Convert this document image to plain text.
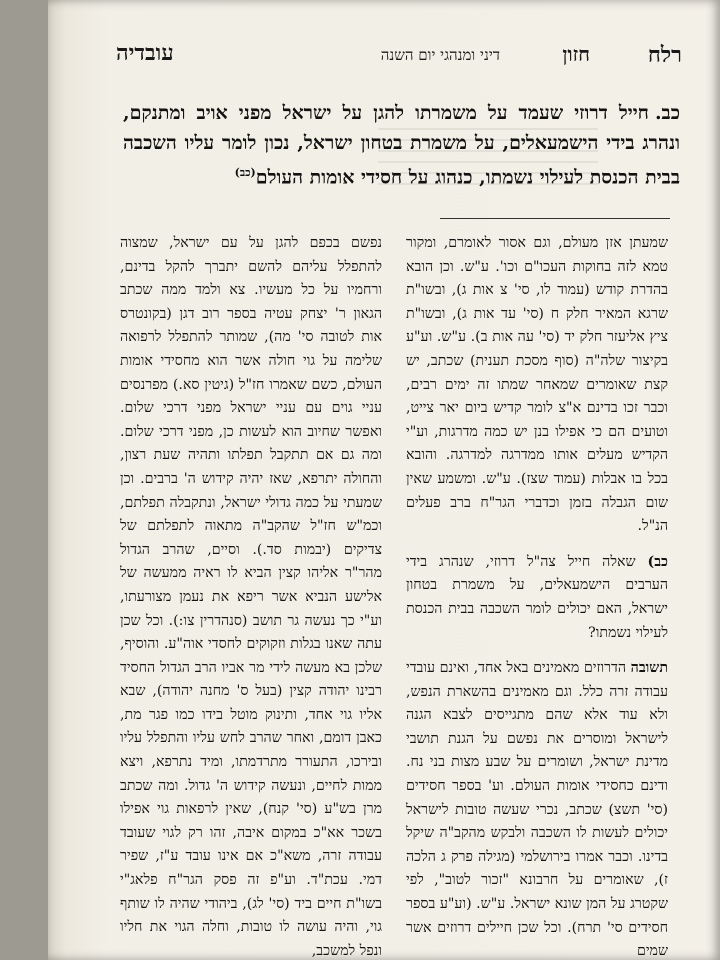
רלח
חזון
דיני ומנהגי יום השנה
עובדיה
כב.חייל דרוזי שעמד על משמרתו להגן על ישראל מפני אויב ומתנקם, ונהרג בידי הישמעאלים, על משמרת בטחון ישראל, נכון לומר עליו השכבה בבית הכנסת לעילוי נשמתו, כנהוג על חסידי אומות העולם$^{(כב)}$

שמעתן אזן מעולם, וגם אסור לאומרם, ומקור טמא לזה בחוקות העכו"ם וכו'. ע"ש. וכן הובא בהדרת קודש (עמוד לו, סי' צ אות ג), ובשו"ת שרגא המאיר חלק ח (סי' עד אות ג), ובשו"ת ציץ אליעזר חלק יד (סי' עה אות ב). ע"ש. וע"ע בקיצור שלה"ה (סוף מסכת תענית) שכתב, יש קצת שאומרים שמאחר שמתו זה ימים רבים, וכבר זכו בדינם א"צ לומר קדיש ביום יאר צייט, וטועים הם כי אפילו בנן יש כמה מדרגות, וע"י הקדיש מעלים אותו ממדרגה למדרגה. והובא בכל בו אבלות (עמוד שצז). ע"ש. ומשמע שאין שום הגבלה בזמן וכדברי הגר"ח ברב פעלים הנ"ל.

כב) שאלה חייל צה"ל דרוזי, שנהרג בידי הערבים הישמעאלים, על משמרת בטחון ישראל, האם יכולים לומר השכבה בבית הכנסת לעילוי נשמתו?

תשובה הדרוזים מאמינים באל אחד, ואינם עובדי עבודה זרה כלל. וגם מאמינים בהשארת הנפש, ולא עוד אלא שהם מתגייסים לצבא הגנה לישראל ומוסרים את נפשם על הגנת תושבי מדינת ישראל, ושומרים על שבע מצות בני נח. ודינם כחסידי אומות העולם. וע' בספר חסידים (סי' תשצ) שכתב, נכרי שעשה טובות לישראל יכולים לעשות לו השכבה ולבקש מהקב"ה שיקל בדינו. וכבר אמרו בירושלמי (מגילה פרק ג הלכה ז), שאומרים על חרבונא "זכור לטוב", לפי שקטרג על המן שונא ישראל. ע"ש. (וע"ע בספר חסידים סי' תרח). וכל שכן חיילים דרוזים אשר שמים

נפשם בכפם להגן על עם ישראל, שמצוה להתפלל עליהם להשם יתברך להקל בדינם, ורחמיו על כל מעשיו. צא ולמד ממה שכתב הגאון ר' יצחק עטיה בספר רוב דגן (בקונטרס אות לטובה סי' מה), שמותר להתפלל לרפואה שלימה על גוי חולה אשר הוא מחסידי אומות העולם, כשם שאמרו חז"ל (גיטין סא.) מפרנסים עניי גוים עם עניי ישראל מפני דרכי שלום. ואפשר שחיוב הוא לעשות כן, מפני דרכי שלום. ומה גם אם תתקבל תפלתו ותהיה שעת רצון, והחולה יתרפא, שאז יהיה קידוש ה' ברבים. וכן שמעתי על כמה גדולי ישראל, ונתקבלה תפלתם, וכמ"ש חז"ל שהקב"ה מתאוה לתפלתם של צדיקים (יבמות סד.). וסיים, שהרב הגדול מהר"ר אליהו קצין הביא לו ראיה ממעשה של אלישע הנביא אשר ריפא את נעמן מצורעתו, וע"י כך נעשה גר תושב (סנהדרין צו:). וכל שכן עתה שאנו בגלות וזקוקים לחסדי אוה"ע. והוסיף, שלכן בא מעשה לידי מר אביו הרב הגדול החסיד רבינו יהודה קצין (בעל ס' מחנה יהודה), שבא אליו גוי אחד, ותינוק מוטל בידו כמו פגר מת, כאבן דומם, ואחר שהרב לחש עליו והתפלל עליו ובירכו, התעורר מתרדמתו, ומיד נתרפא, ויצא ממות לחיים, ונעשה קידוש ה' גדול. ומה שכתב מרן בש"ע (סי' קנח), שאין לרפאות גוי אפילו בשכר אא"כ במקום איבה, זהו רק לגוי שעובד עבודה זרה, משא"כ אם אינו עובד ע"ז, שפיר דמי. עכת"ד. וע"פ זה פסק הגר"ח פלאג"י בשו"ת חיים ביד (סי' לג), ביהודי שהיה לו שותף גוי, והיה עושה לו טובות, וחלה הגוי את חליו ונפל למשכב,
